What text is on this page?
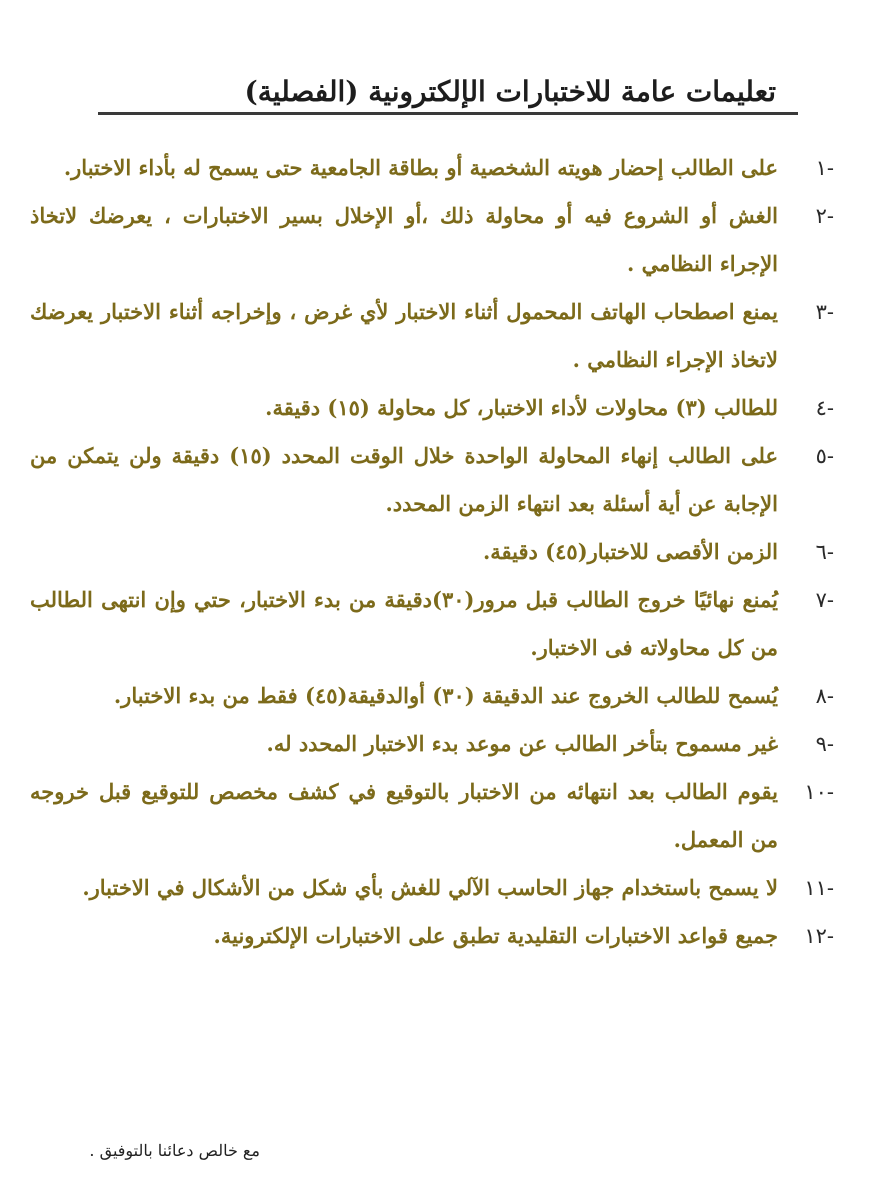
تعليمات عامة للاختبارات الإلكترونية (الفصلية)
-١
على الطالب إحضار هويته الشخصية أو بطاقة الجامعية حتى يسمح له بأداء الاختبار.
-٢
الغش أو الشروع فيه أو محاولة ذلك ،أو الإخلال بسير الاختبارات ، يعرضك لاتخاذ الإجراء النظامي .
-٣
يمنع اصطحاب الهاتف المحمول أثناء الاختبار لأي غرض ، وإخراجه أثناء الاختبار يعرضك لاتخاذ الإجراء النظامي .
-٤
للطالب (٣) محاولات لأداء الاختبار، كل محاولة (١٥) دقيقة.
-٥
على الطالب إنهاء المحاولة الواحدة خلال الوقت المحدد (١٥) دقيقة ولن يتمكن من الإجابة عن أية أسئلة بعد انتهاء الزمن المحدد.
-٦
الزمن الأقصى للاختبار(٤٥) دقيقة.
-٧
يُمنع نهائيًا خروج الطالب قبل مرور(٣٠)دقيقة من بدء الاختبار، حتي وإن انتهى الطالب من كل محاولاته فى الاختبار.
-٨
يُسمح للطالب الخروج عند الدقيقة (٣٠) أوالدقيقة(٤٥) فقط من بدء الاختبار.
-٩
غير مسموح بتأخر الطالب عن موعد بدء الاختبار المحدد له.
-١٠
يقوم الطالب بعد انتهائه من الاختبار بالتوقيع في كشف مخصص للتوقيع قبل خروجه من المعمل.
-١١
لا يسمح باستخدام جهاز الحاسب الآلي للغش بأي شكل من الأشكال في الاختبار.
-١٢
جميع قواعد الاختبارات التقليدية تطبق على الاختبارات الإلكترونية.
مع خالص دعائنا بالتوفيق .
